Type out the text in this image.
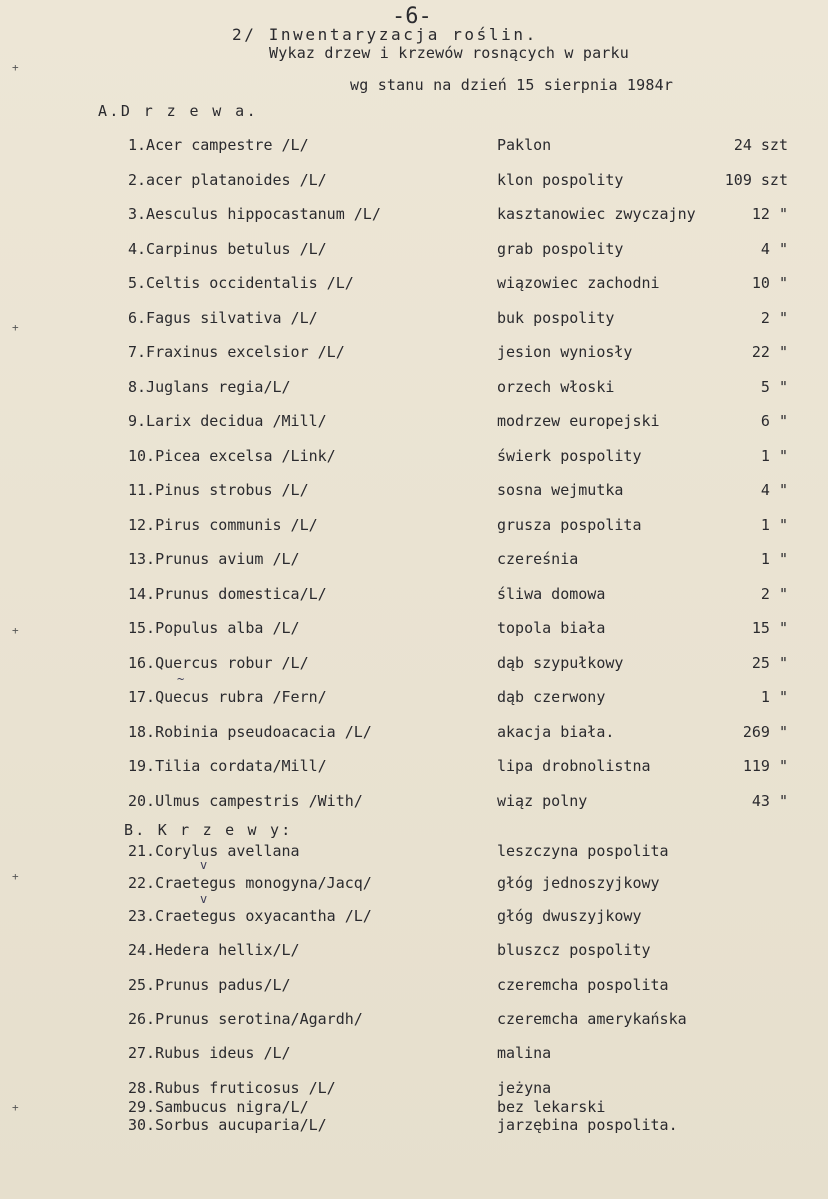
-6-
2/ Inwentaryzacja roślin.
Wykaz drzew i krzewów rosnących w parku
wg stanu na dzień 15 sierpnia 1984r
A.D r z e w a.
1.Acer campestre /L/	Paklon	24 szt
2.acer platanoides /L/	klon pospolity	109 szt
3.Aesculus hippocastanum /L/	kasztanowiec zwyczajny	12 "
4.Carpinus betulus /L/	grab pospolity	4 "
5.Celtis occidentalis /L/	wiązowiec zachodni	10 "
6.Fagus silvativa /L/	buk pospolity	2 "
7.Fraxinus excelsior /L/	jesion wyniosły	22 "
8.Juglans regia/L/	orzech włoski	5 "
9.Larix decidua /Mill/	modrzew europejski	6 "
10.Picea excelsa /Link/	świerk pospolity	1 "
11.Pinus strobus /L/	sosna wejmutka	4 "
12.Pirus communis /L/	grusza pospolita	1 "
13.Prunus avium /L/	czereśnia	1 "
14.Prunus domestica/L/	śliwa domowa	2 "
15.Populus alba /L/	topola biała	15 "
16.Quercus robur /L/	dąb szypułkowy	25 "
17.Quecus rubra /Fern/	dąb czerwony	1 "
18.Robinia pseudoacacia /L/	akacja biała.	269 "
19.Tilia cordata/Mill/	lipa drobnolistna	119 "
20.Ulmus campestris /With/	wiąz polny	43 "
B. K r z e w y:
21.Corylus avellana	leszczyna pospolita
22.Craetegus monogyna/Jacq/	głóg jednoszyjkowy
23.Craetegus oxyacantha /L/	głóg dwuszyjkowy
24.Hedera hellix/L/	bluszcz pospolity
25.Prunus padus/L/	czeremcha pospolita
26.Prunus serotina/Agardh/	czeremcha amerykańska
27.Rubus ideus /L/	malina
28.Rubus fruticosus /L/	jeżyna
29.Sambucus nigra/L/	bez lekarski
30.Sorbus aucuparia/L/	jarzębina pospolita.
+
+
+
+
+
~
v
v
